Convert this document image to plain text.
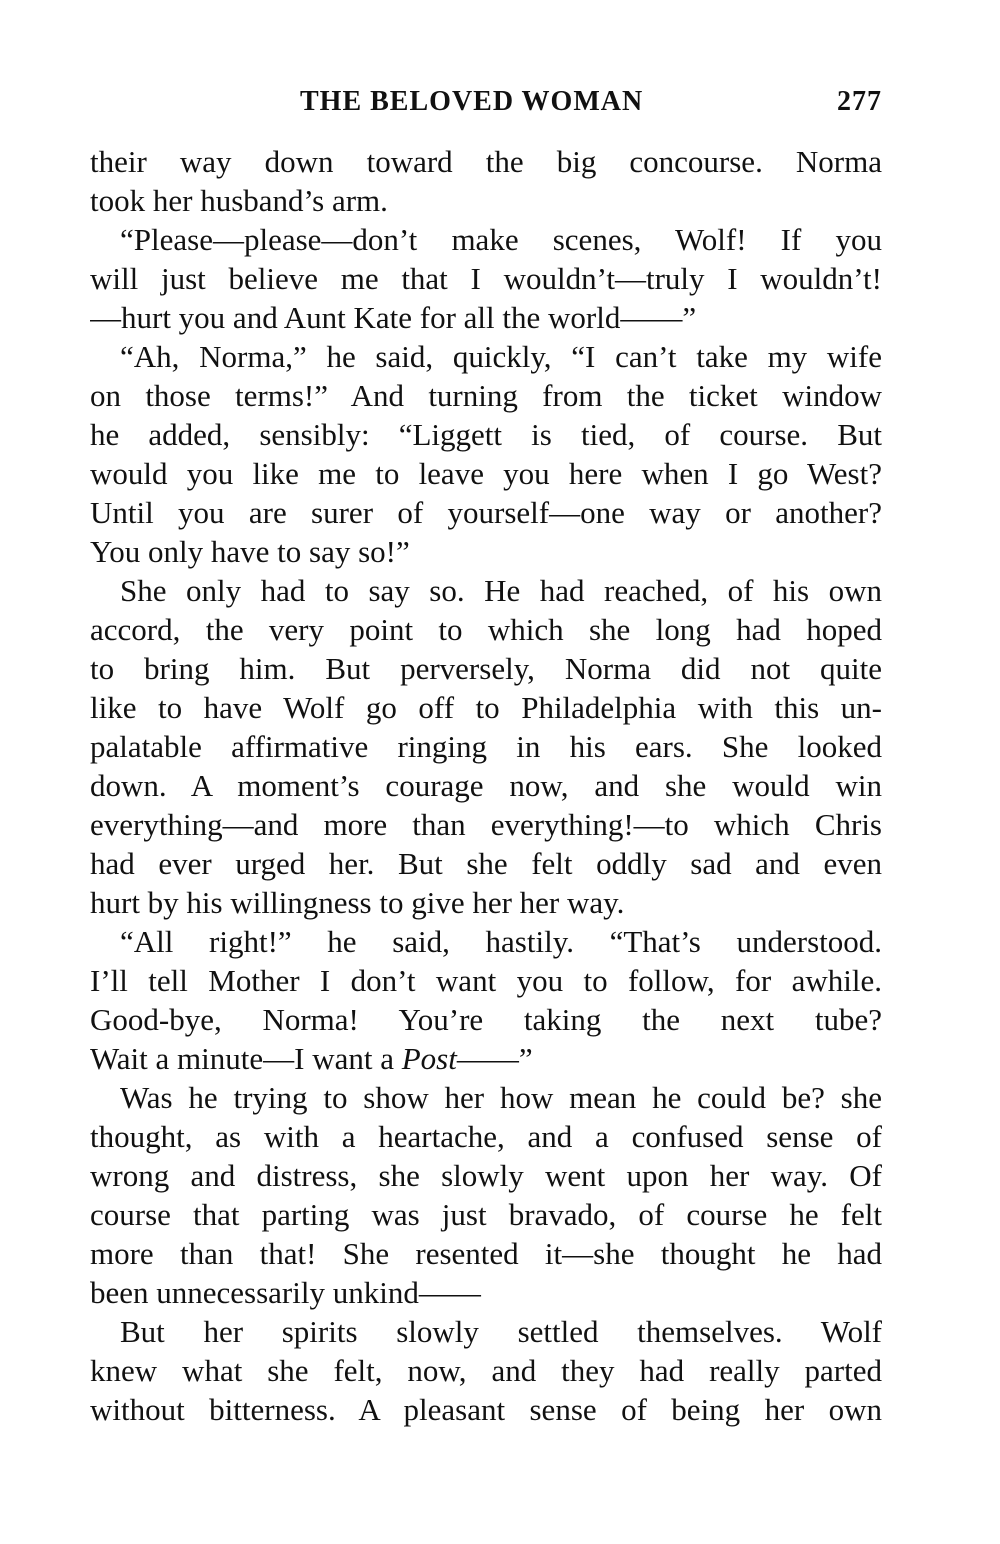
THE BELOVED WOMAN	277
their way down toward the big concourse. Norma
took her husband’s arm.
“Please—please—don’t make scenes, Wolf! If you
will just believe me that I wouldn’t—truly I wouldn’t!
—hurt you and Aunt Kate for all the world——”
“Ah, Norma,” he said, quickly, “I can’t take my wife
on those terms!” And turning from the ticket window
he added, sensibly: “Liggett is tied, of course. But
would you like me to leave you here when I go West?
Until you are surer of yourself—one way or another?
You only have to say so!”
She only had to say so. He had reached, of his own
accord, the very point to which she long had hoped
to bring him. But perversely, Norma did not quite
like to have Wolf go off to Philadelphia with this un-
palatable affirmative ringing in his ears. She looked
down. A moment’s courage now, and she would win
everything—and more than everything!—to which Chris
had ever urged her. But she felt oddly sad and even
hurt by his willingness to give her her way.
“All right!” he said, hastily. “That’s understood.
I’ll tell Mother I don’t want you to follow, for awhile.
Good-bye, Norma! You’re taking the next tube?
Wait a minute—I want a Post——”
Was he trying to show her how mean he could be? she
thought, as with a heartache, and a confused sense of
wrong and distress, she slowly went upon her way. Of
course that parting was just bravado, of course he felt
more than that! She resented it—she thought he had
been unnecessarily unkind——
But her spirits slowly settled themselves. Wolf
knew what she felt, now, and they had really parted
without bitterness. A pleasant sense of being her own
